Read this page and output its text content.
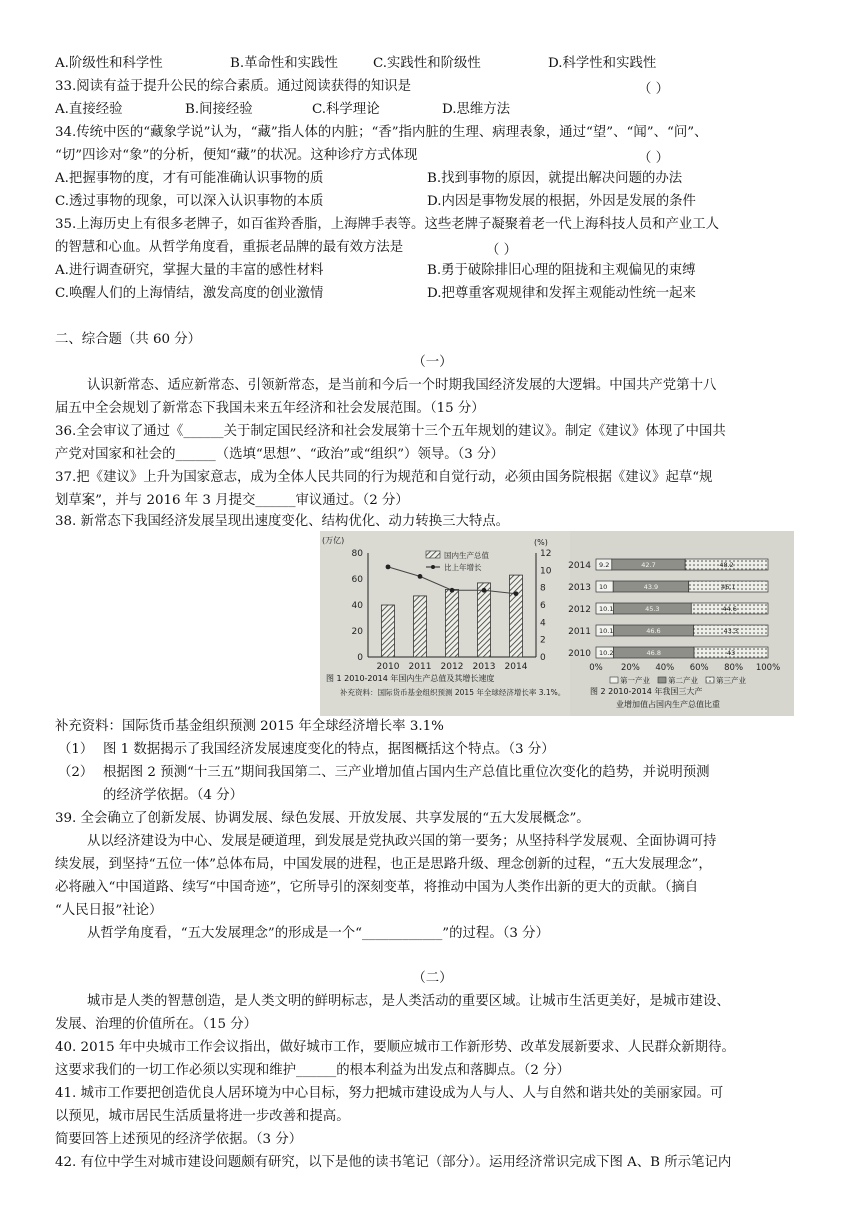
A.阶级性和科学性	B.革命性和实践性	C.实践性和阶级性	D.科学性和实践性
33.阅读有益于提升公民的综合素质。通过阅读获得的知识是	（ ）
A.直接经验	B.间接经验	C.科学理论	D.思维方法
34.传统中医的“藏象学说”认为，“藏”指人体的内脏；“香”指内脏的生理、病理表象，通过“望”、“闻”、“问”、
“切”四诊对“象”的分析，便知“藏”的状况。这种诊疗方式体现	（ ）
A.把握事物的度，才有可能准确认识事物的质	B.找到事物的原因，就提出解决问题的办法
C.透过事物的现象，可以深入认识事物的本质	D.内因是事物发展的根据，外因是发展的条件
35.上海历史上有很多老牌子，如百雀羚香脂，上海牌手表等。这些老牌子凝聚着老一代上海科技人员和产业工人
的智慧和心血。从哲学角度看，重振老品牌的最有效方法是	（ ）
A.进行调查研究，掌握大量的丰富的感性材料	B.勇于破除排旧心理的阻拢和主观偏见的束缚
C.唤醒人们的上海情结，激发高度的创业激情	D.把尊重客观规律和发挥主观能动性统一起来
二、综合题（共 60 分）
（一）
认识新常态、适应新常态、引领新常态，是当前和今后一个时期我国经济发展的大逻辑。中国共产党第十八
届五中全会规划了新常态下我国未来五年经济和社会发展范围。（15 分）
36.全会审议了通过《______关于制定国民经济和社会发展第十三个五年规划的建议》。制定《建议》体现了中国共
产党对国家和社会的______（选填“思想”、“政治”或“组织”）领导。（3 分）
37.把《建议》上升为国家意志，成为全体人民共同的行为规范和自觉行动，必须由国务院根据《建议》起草“规
划草案”，并与 2016 年 3 月提交______审议通过。（2 分）
38. 新常态下我国经济发展呈现出速度变化、结构优化、动力转换三大特点。
(万亿)	(%)
0
20
40
60
80
0
2
4
6
8
10
12
2010 2011 2012 2013 2014
国内生产总值
比上年增长
图 1 2010-2014 年国内生产总值及其增长速度
补充资料：国际货币基金组织预测 2015 年全球经济增长率 3.1%。
2014 9.2	42.7	48.2
2013 10	43.9	46.1
2012 10.1	45.3	44.6
2011 10.1	46.6	43.3
2010 10.2	46.8	43
0% 20% 40% 60% 80% 100%
第一产业 第二产业 第三产业
图 2 2010-2014 年我国三大产
业增加值占国内生产总值比重
补充资料：国际货币基金组织预测 2015 年全球经济增长率 3.1%
（1） 图 1 数据揭示了我国经济发展速度变化的特点，据图概括这个特点。（3 分）
（2） 根据图 2 预测“十三五”期间我国第二、三产业增加值占国内生产总值比重位次变化的趋势，并说明预测
的经济学依据。（4 分）
39. 全会确立了创新发展、协调发展、绿色发展、开放发展、共享发展的“五大发展概念”。
从以经济建设为中心、发展是硬道理，到发展是党执政兴国的第一要务；从坚持科学发展观、全面协调可持
续发展，到坚持“五位一体”总体布局，中国发展的进程，也正是思路升级、理念创新的过程，“五大发展理念”，
必将融入“中国道路、续写“中国奇迹”，它所导引的深刻变革，将推动中国为人类作出新的更大的贡献。（摘自
“人民日报”社论）
从哲学角度看，“五大发展理念”的形成是一个“____________”的过程。（3 分）
（二）
城市是人类的智慧创造，是人类文明的鲜明标志，是人类活动的重要区域。让城市生活更美好，是城市建设、
发展、治理的价值所在。（15 分）
40. 2015 年中央城市工作会议指出，做好城市工作，要顺应城市工作新形势、改革发展新要求、人民群众新期待。
这要求我们的一切工作必须以实现和维护______的根本利益为出发点和落脚点。（2 分）
41. 城市工作要把创造优良人居环境为中心目标，努力把城市建设成为人与人、人与自然和谐共处的美丽家园。可
以预见，城市居民生活质量将进一步改善和提高。
简要回答上述预见的经济学依据。（3 分）
42. 有位中学生对城市建设问题颇有研究，以下是他的读书笔记（部分）。运用经济常识完成下图 A、B 所示笔记内
